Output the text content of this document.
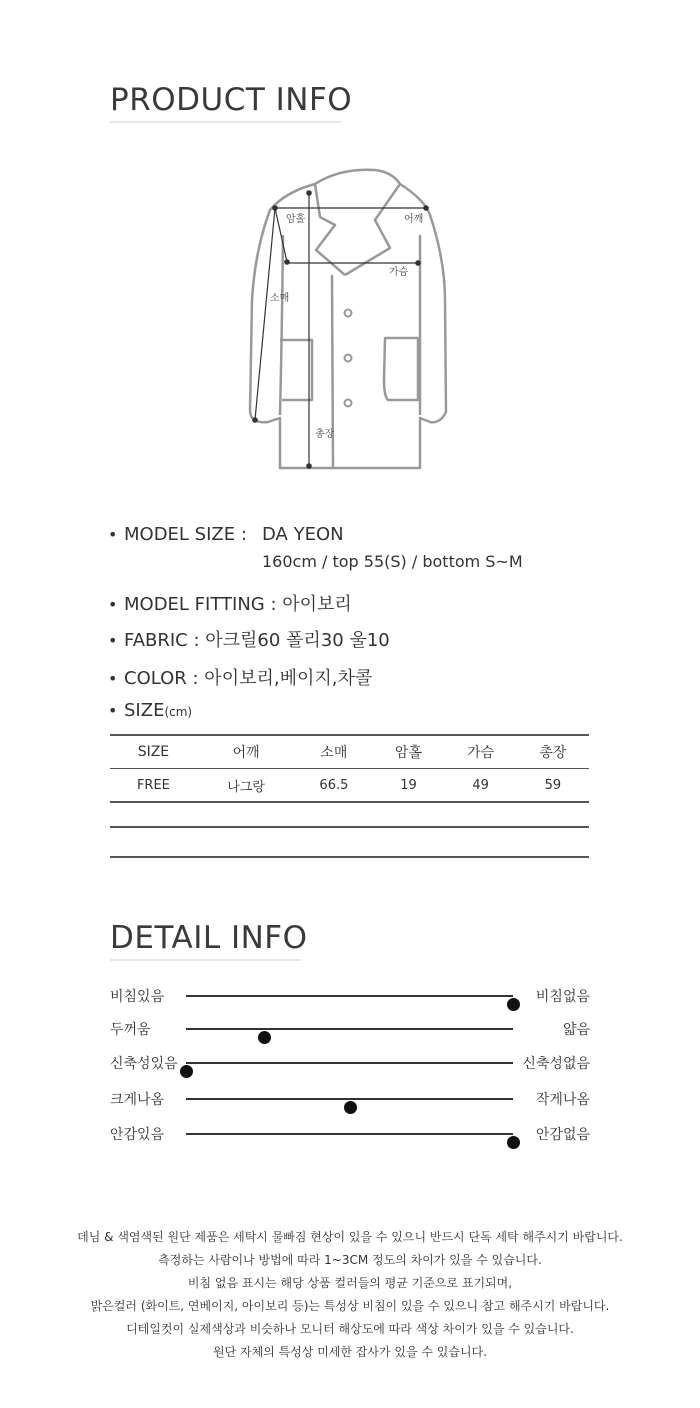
PRODUCT INFO
암홀	어깨
가슴
소매
총장
• MODEL SIZE : DA YEON
160cm / top 55(S) / bottom S~M
• MODEL FITTING : 아이보리
• FABRIC : 아크릴60 폴리30 울10
• COLOR : 아이보리,베이지,차콜
• SIZE(cm)
SIZE	어깨	소매	암홀	가슴	총장
FREE	나그랑	66.5	19	49	59
DETAIL INFO
비침있음	비침없음
두꺼움	얇음
신축성있음	신축성없음
크게나옴	작게나옴
안감있음	안감없음

데님 & 색염색된 원단 제품은 세탁시 물빠짐 현상이 있을 수 있으니 반드시 단독 세탁 해주시기 바랍니다.

측정하는 사람이나 방법에 따라 1~3CM 정도의 차이가 있을 수 있습니다.

비침 없음 표시는 해당 상품 컬러들의 평균 기준으로 표기되며,

밝은컬러 (화이트, 연베이지, 아이보리 등)는 특성상 비침이 있을 수 있으니 참고 해주시기 바랍니다.

디테일컷이 실제색상과 비슷하나 모니터 해상도에 따라 색상 차이가 있을 수 있습니다.

원단 자체의 특성상 미세한 잡사가 있을 수 있습니다.
